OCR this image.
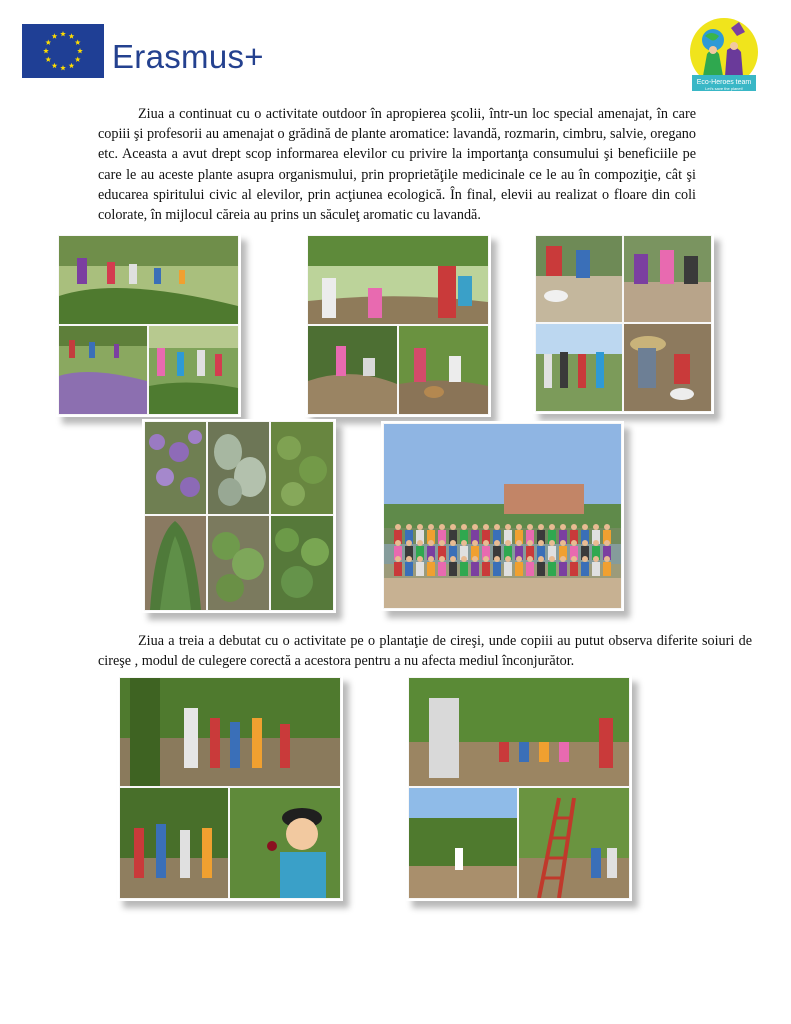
Erasmus+
Eco-Heroes team
Let's save the planet!
Ziua a continuat cu o activitate outdoor în apropierea şcolii, într-un loc special amenajat, în care copiii şi profesorii au amenajat o grădină de plante aromatice: lavandă, rozmarin, cimbru, salvie, oregano etc. Aceasta a avut drept scop informarea elevilor cu privire la importanţa consumului şi beneficiile pe care le au aceste plante asupra organismului, prin proprietăţile medicinale ce le au în compoziţie, cât şi educarea spiritului civic al elevilor, prin acţiunea ecologică. În final, elevii au realizat o floare din coli colorate, în mijlocul căreia au prins un săculeţ aromatic cu lavandă.
Ziua a treia a debutat cu o activitate pe o plantaţie de cireşi, unde copiii au putut observa diferite soiuri de cireşe , modul de culegere corectă a acestora pentru a nu afecta mediul înconjurător.
